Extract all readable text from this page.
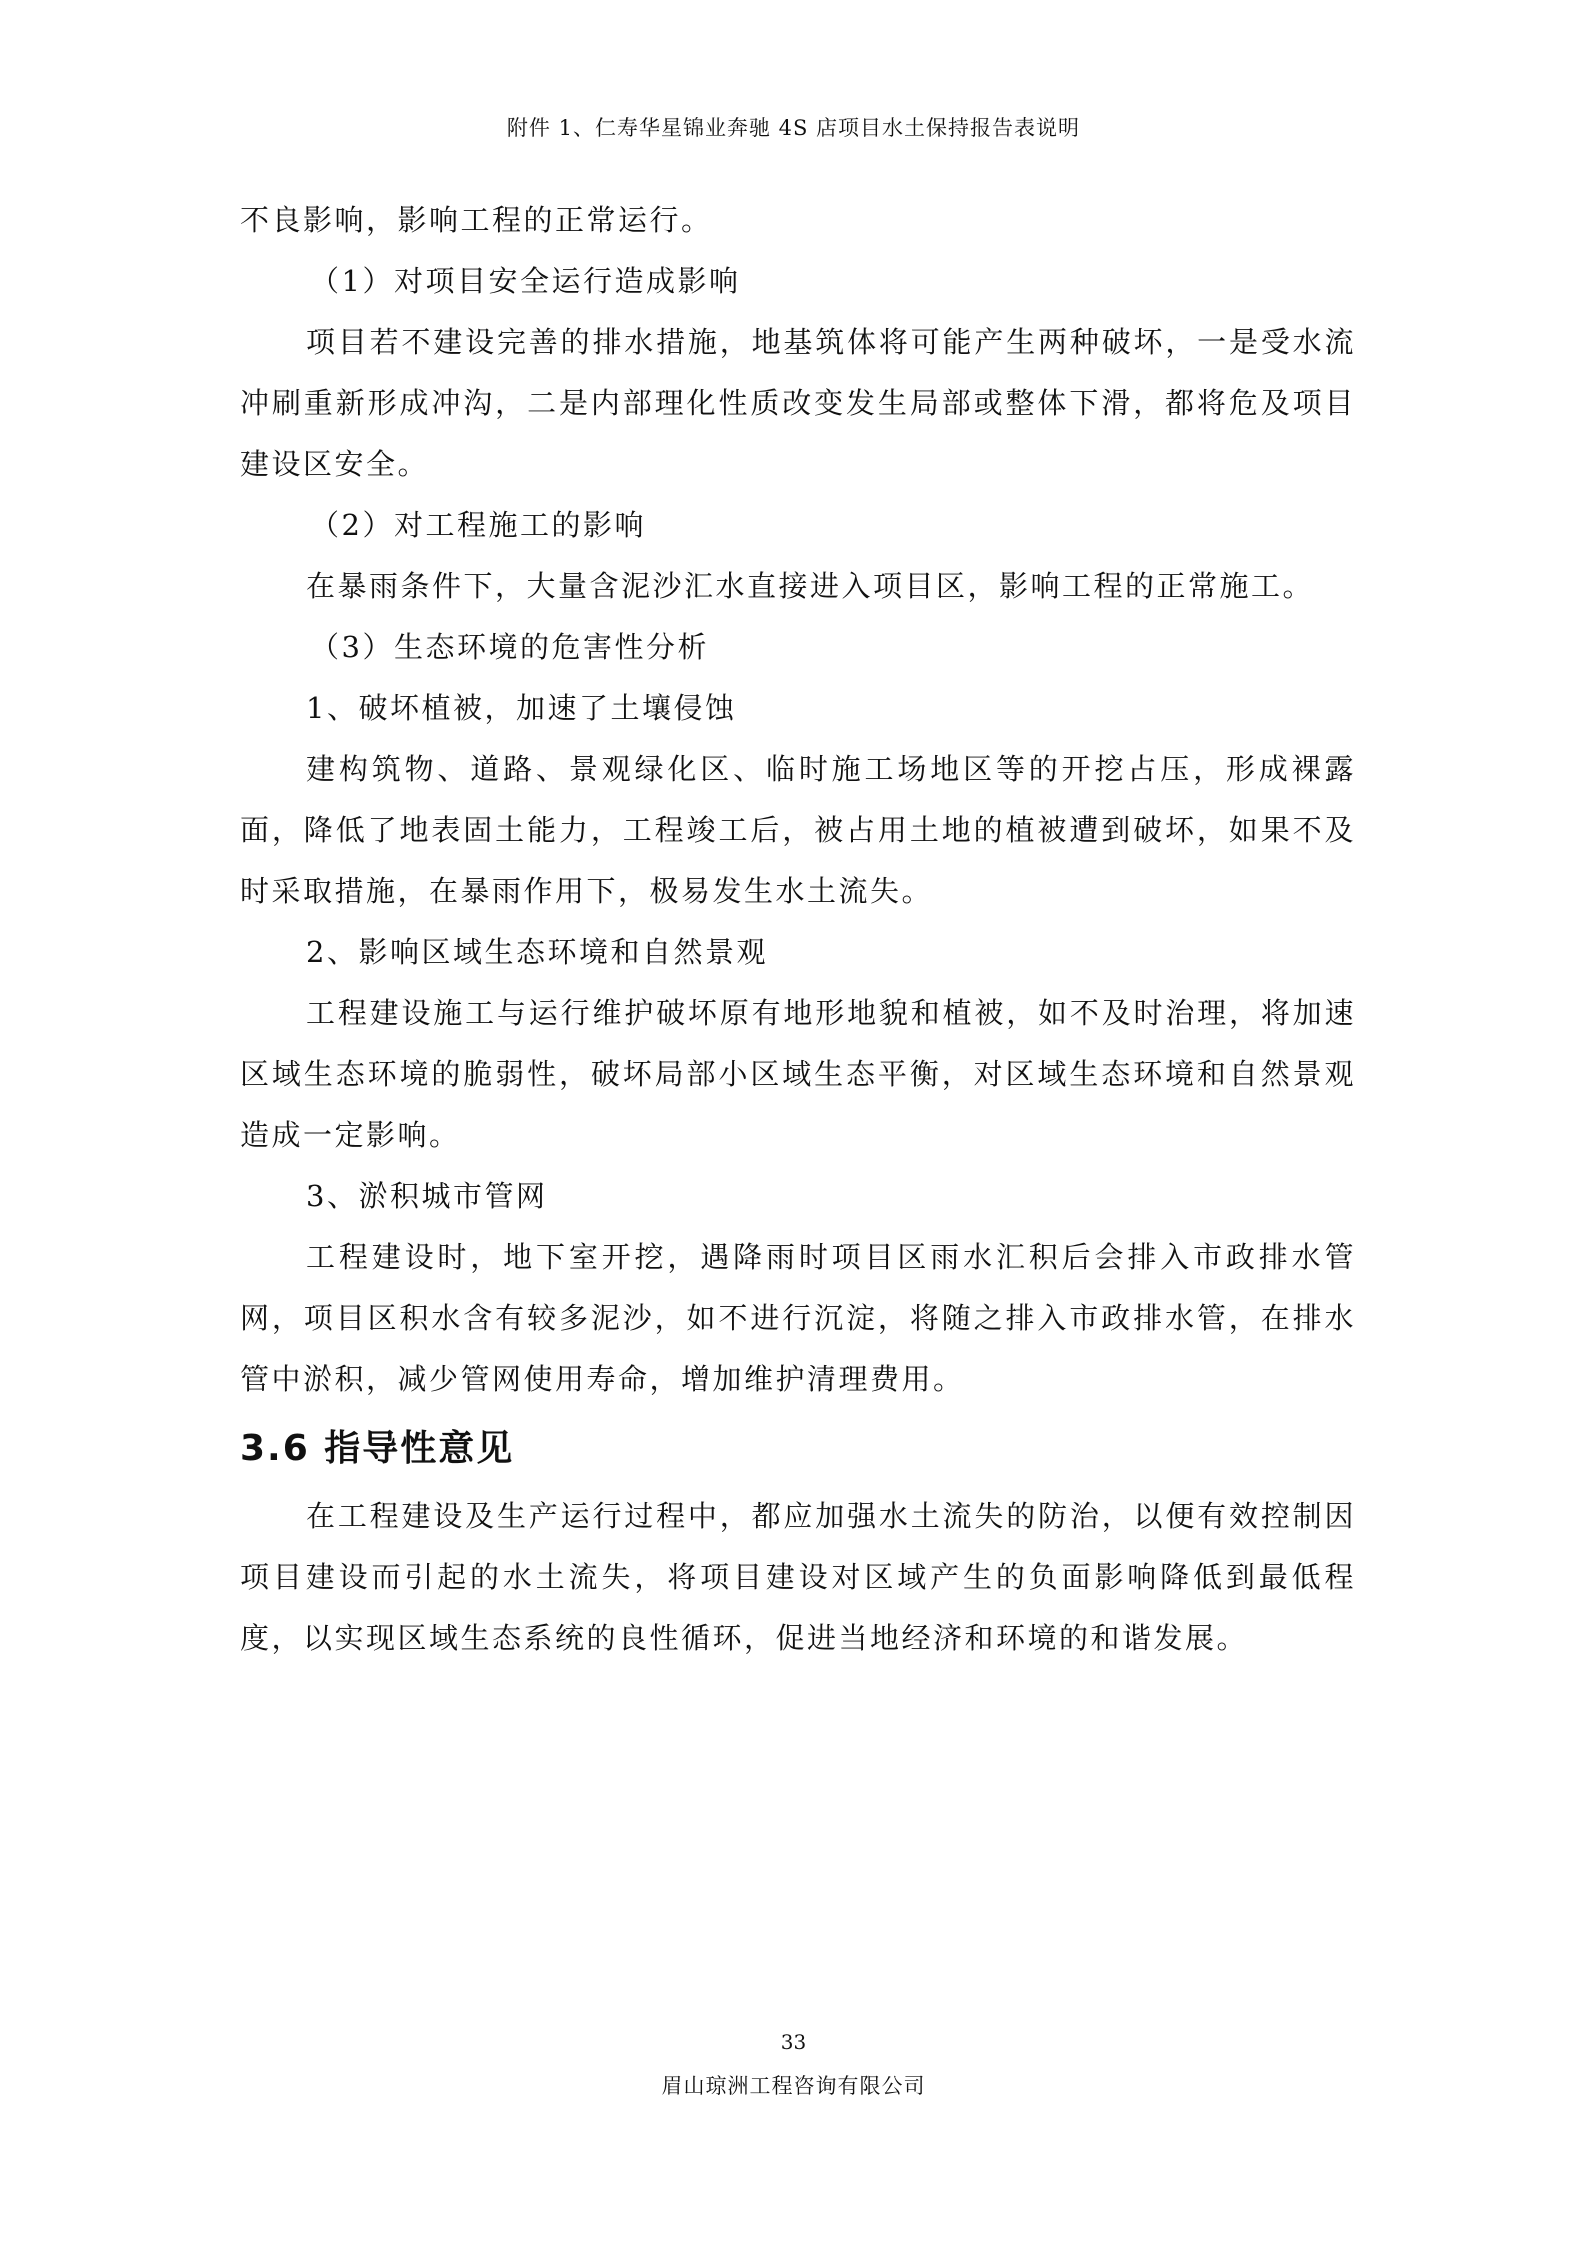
附件 1、仁寿华星锦业奔驰 4S 店项目水土保持报告表说明

不良影响，影响工程的正常运行。

（1）对项目安全运行造成影响

项目若不建设完善的排水措施，地基筑体将可能产生两种破坏，一是受水流冲刷重新形成冲沟，二是内部理化性质改变发生局部或整体下滑，都将危及项目建设区安全。

（2）对工程施工的影响

在暴雨条件下，大量含泥沙汇水直接进入项目区，影响工程的正常施工。

（3）生态环境的危害性分析

1、破坏植被，加速了土壤侵蚀

建构筑物、道路、景观绿化区、临时施工场地区等的开挖占压，形成裸露面，降低了地表固土能力，工程竣工后，被占用土地的植被遭到破坏，如果不及时采取措施，在暴雨作用下，极易发生水土流失。

2、影响区域生态环境和自然景观

工程建设施工与运行维护破坏原有地形地貌和植被，如不及时治理，将加速区域生态环境的脆弱性，破坏局部小区域生态平衡，对区域生态环境和自然景观造成一定影响。

3、淤积城市管网

工程建设时，地下室开挖，遇降雨时项目区雨水汇积后会排入市政排水管网，项目区积水含有较多泥沙，如不进行沉淀，将随之排入市政排水管，在排水管中淤积，减少管网使用寿命，增加维护清理费用。

3.6 指导性意见

在工程建设及生产运行过程中，都应加强水土流失的防治，以便有效控制因项目建设而引起的水土流失，将项目建设对区域产生的负面影响降低到最低程度，以实现区域生态系统的良性循环，促进当地经济和环境的和谐发展。

33
眉山琼洲工程咨询有限公司
